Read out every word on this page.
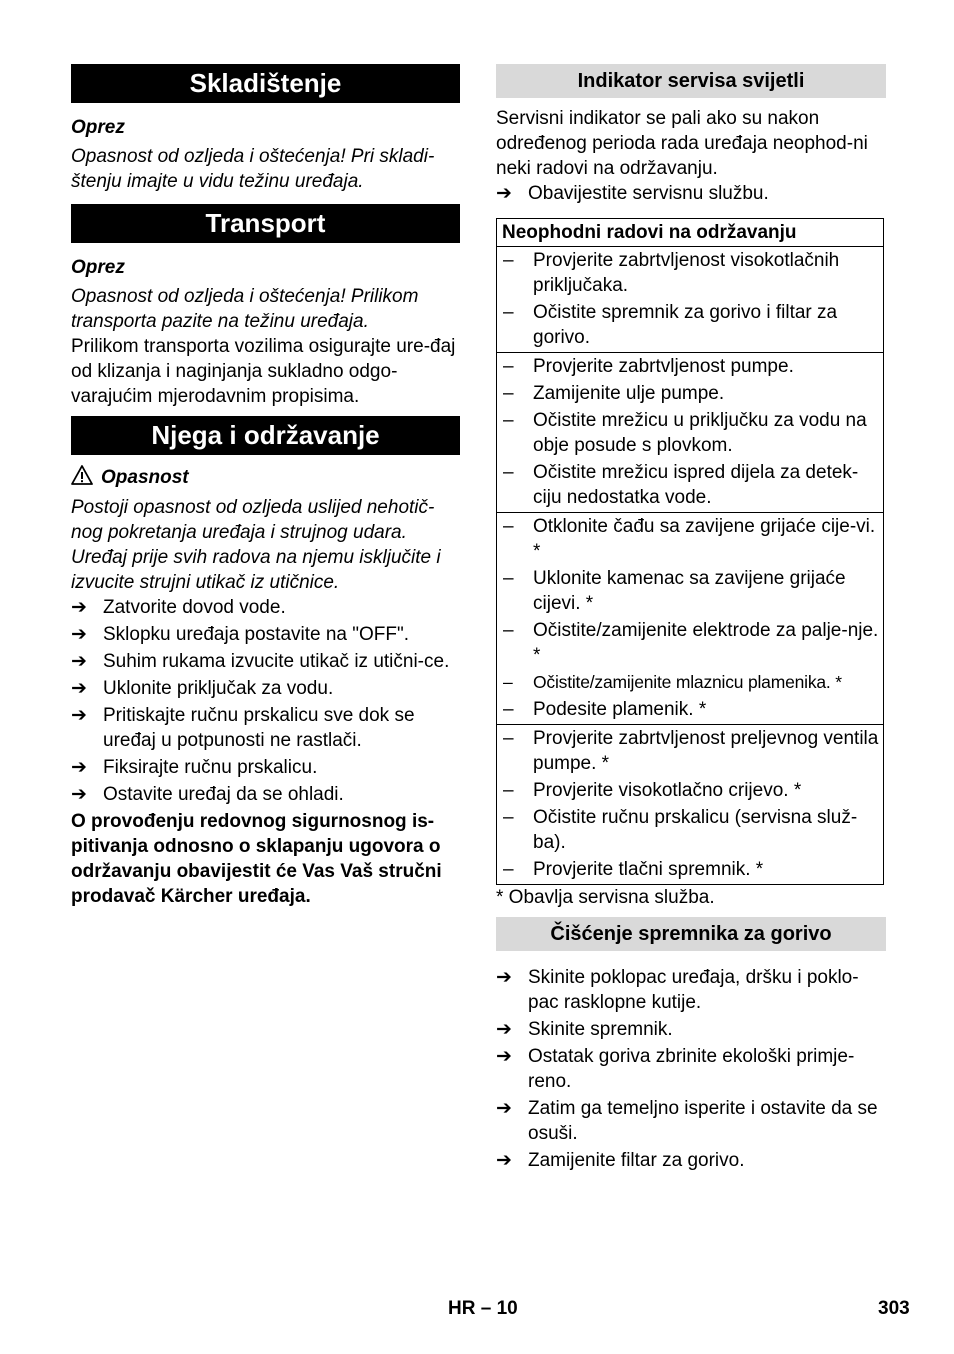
Skladištenje

Oprez

Opasnost od ozljeda i oštećenja! Pri skladi-štenju imajte u vidu težinu uređaja.

Transport

Oprez

Opasnost od ozljeda i oštećenja! Prilikom transporta pazite na težinu uređaja.

Prilikom transporta vozilima osigurajte ure-đaj od klizanja i naginjanja sukladno odgo-varajućim mjerodavnim propisima.

Njega i održavanje

Opasnost

Postoji opasnost od ozljeda uslijed nehotič-nog pokretanja uređaja i strujnog udara. Uređaj prije svih radova na njemu isključite i izvucite strujni utikač iz utičnice.

➔ Zatvorite dovod vode.
➔ Sklopku uređaja postavite na "OFF".
➔ Suhim rukama izvucite utikač iz utični-ce.
➔ Uklonite priključak za vodu.
➔ Pritiskajte ručnu prskalicu sve dok se uređaj u potpunosti ne rastlači.
➔ Fiksirajte ručnu prskalicu.
➔ Ostavite uređaj da se ohladi.

O provođenju redovnog sigurnosnog is-pitivanja odnosno o sklapanju ugovora o održavanju obavijestit će Vas Vaš stručni prodavač Kärcher uređaja.

Indikator servisa svijetli

Servisni indikator se pali ako su nakon određenog perioda rada uređaja neophod-ni neki radovi na održavanju.

➔ Obavijestite servisnu službu.
Neophodni radovi na održavanju

– Provjerite zabrtvljenost visokotlačnih priključaka.
– Očistite spremnik za gorivo i filtar za gorivo.

– Provjerite zabrtvljenost pumpe.
– Zamijenite ulje pumpe.
– Očistite mrežicu u priključku za vodu na obje posude s plovkom.
– Očistite mrežicu ispred dijela za detek-ciju nedostatka vode.

– Otklonite čađu sa zavijene grijaće cije-vi. *
– Uklonite kamenac sa zavijene grijaće cijevi. *
– Očistite/zamijenite elektrode za palje-nje. *
– Očistite/zamijenite mlaznicu plamenika. *
– Podesite plamenik. *

– Provjerite zabrtvljenost preljevnog ventila pumpe. *
– Provjerite visokotlačno crijevo. *
– Očistite ručnu prskalicu (servisna služ-ba).
– Provjerite tlačni spremnik. *

* Obavlja servisna služba.

Čišćenje spremnika za gorivo
➔ Skinite poklopac uređaja, dršku i poklo-pac rasklopne kutije.
➔ Skinite spremnik.
➔ Ostatak goriva zbrinite ekološki primje-reno.
➔ Zatim ga temeljno isperite i ostavite da se osuši.
➔ Zamijenite filtar za gorivo.
HR – 10	303
